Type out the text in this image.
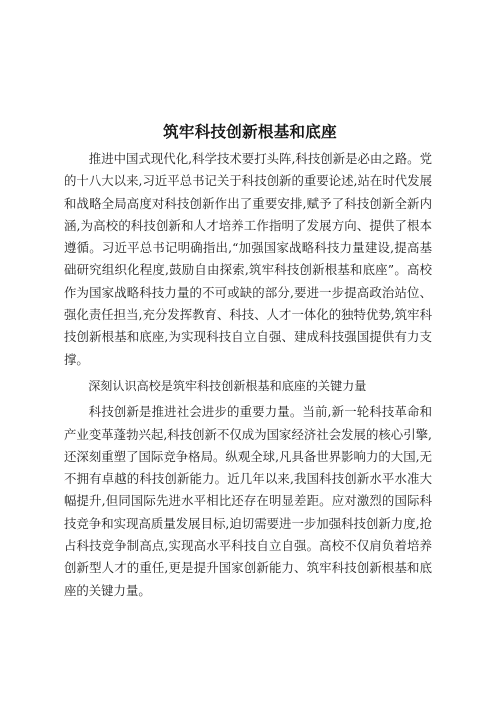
筑牢科技创新根基和底座

推进中国式现代化,科学技术要打头阵,科技创新是必由之路。党的十八大以来,习近平总书记关于科技创新的重要论述,站在时代发展和战略全局高度对科技创新作出了重要安排,赋予了科技创新全新内涵,为高校的科技创新和人才培养工作指明了发展方向、提供了根本遵循。习近平总书记明确指出,“加强国家战略科技力量建设,提高基础研究组织化程度,鼓励自由探索,筑牢科技创新根基和底座”。高校作为国家战略科技力量的不可或缺的部分,要进一步提高政治站位、强化责任担当,充分发挥教育、科技、人才一体化的独特优势,筑牢科技创新根基和底座,为实现科技自立自强、建成科技强国提供有力支撑。

深刻认识高校是筑牢科技创新根基和底座的关键力量

科技创新是推进社会进步的重要力量。当前,新一轮科技革命和产业变革蓬勃兴起,科技创新不仅成为国家经济社会发展的核心引擎,还深刻重塑了国际竞争格局。纵观全球,凡具备世界影响力的大国,无不拥有卓越的科技创新能力。近几年以来,我国科技创新水平水准大幅提升,但同国际先进水平相比还存在明显差距。应对激烈的国际科技竞争和实现高质量发展目标,迫切需要进一步加强科技创新力度,抢占科技竞争制高点,实现高水平科技自立自强。高校不仅肩负着培养创新型人才的重任,更是提升国家创新能力、筑牢科技创新根基和底座的关键力量。
